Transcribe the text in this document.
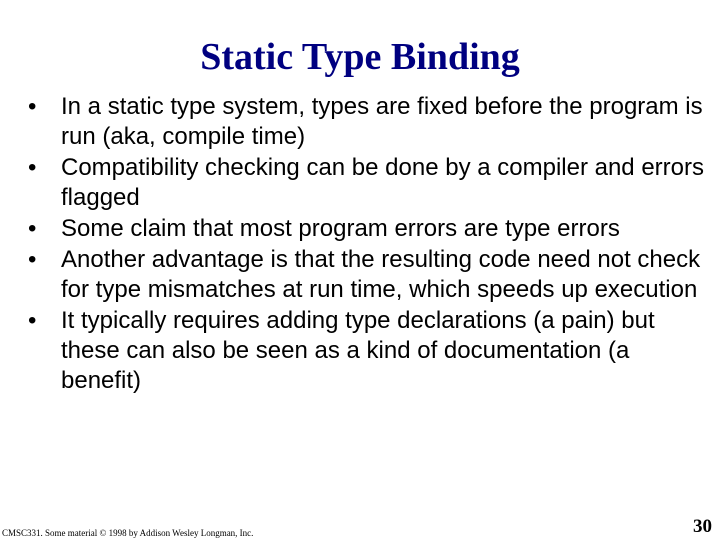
Static Type Binding
• In a static type system, types are fixed before the program is run (aka, compile time)
• Compatibility checking can be done by a compiler and errors flagged
• Some claim that most program errors are type errors
• Another advantage is that the resulting code need not check for type mismatches at run time, which speeds up execution
• It typically requires adding type declarations (a pain) but these can also be seen as a kind of documentation (a benefit)
CMSC331. Some material © 1998 by Addison Wesley Longman, Inc.	30
